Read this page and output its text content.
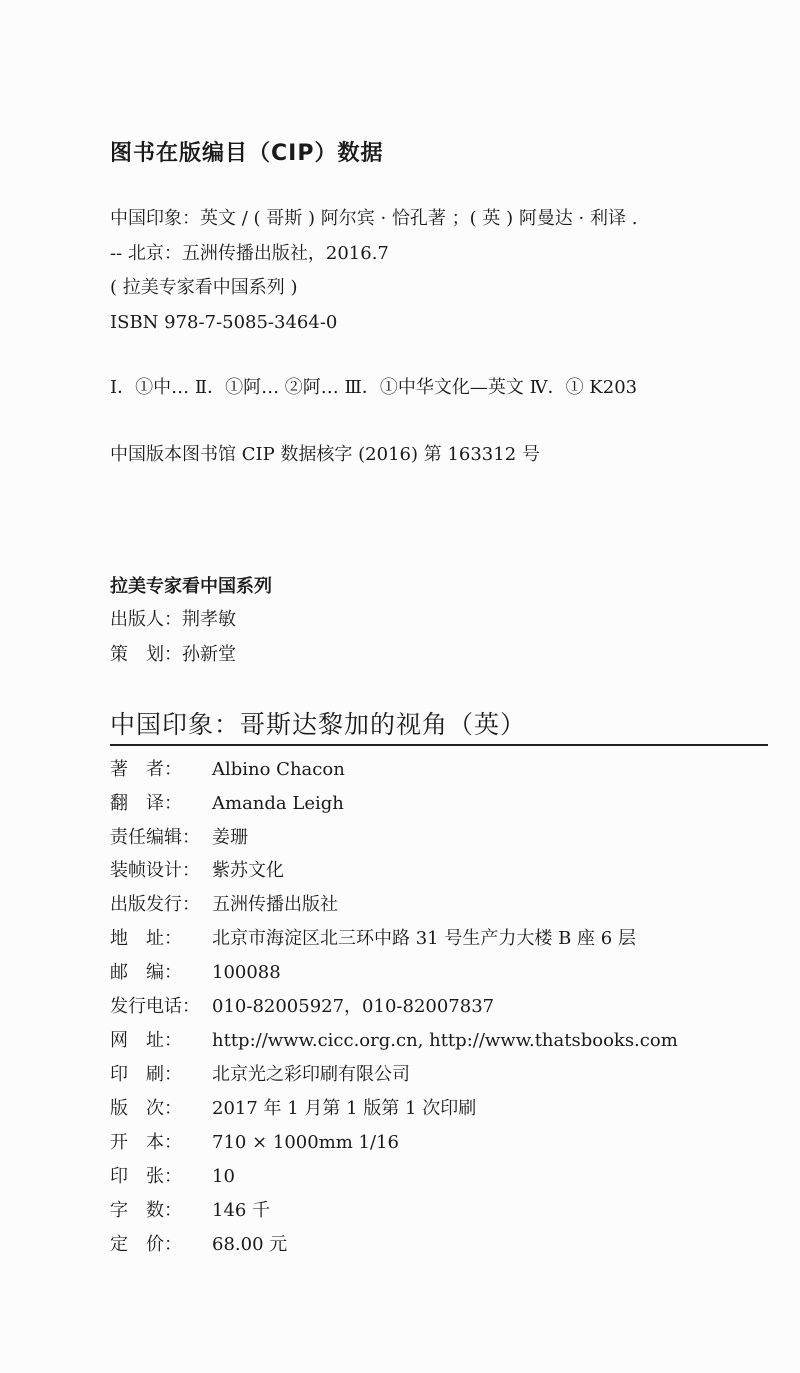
图书在版编目（CIP）数据
中国印象：英文 / ( 哥斯 ) 阿尔宾 · 恰孔著 ；( 英 ) 阿曼达 · 利译 .
-- 北京：五洲传播出版社，2016.7
( 拉美专家看中国系列 )
ISBN 978-7-5085-3464-0
Ⅰ．①中… Ⅱ．①阿… ②阿… Ⅲ．①中华文化—英文 Ⅳ．① K203
中国版本图书馆 CIP 数据核字 (2016) 第 163312 号
拉美专家看中国系列
出版人：荆孝敏
策　划：孙新堂
中国印象：哥斯达黎加的视角（英）
著　者： Albino Chacon
翻　译： Amanda Leigh
责任编辑： 姜珊
装帧设计： 紫苏文化
出版发行： 五洲传播出版社
地　址： 北京市海淀区北三环中路 31 号生产力大楼 B 座 6 层
邮　编： 100088
发行电话： 010-82005927，010-82007837
网　址： http://www.cicc.org.cn, http://www.thatsbooks.com
印　刷： 北京光之彩印刷有限公司
版　次： 2017 年 1 月第 1 版第 1 次印刷
开　本： 710 × 1000mm 1/16
印　张： 10
字　数： 146 千
定　价： 68.00 元
